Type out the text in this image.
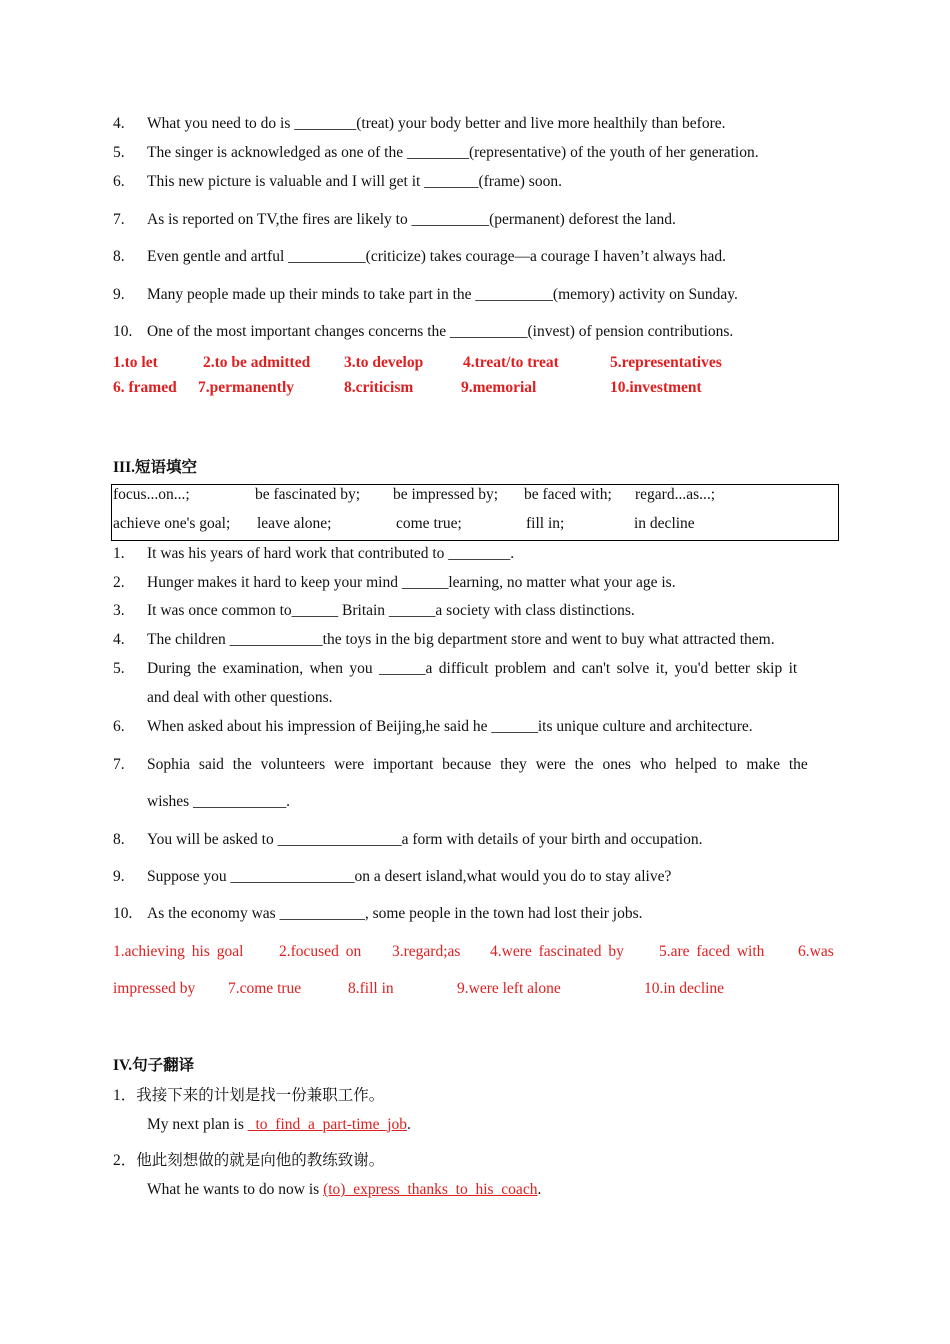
4. What you need to do is ________(treat) your body better and live more healthily than before.
5. The singer is acknowledged as one of the ________(representative) of the youth of her generation.
6. This new picture is valuable and I will get it _______(frame) soon.
7. As is reported on TV,the fires are likely to __________(permanent) deforest the land.
8. Even gentle and artful __________(criticize) takes courage—a courage I haven’t always had.
9. Many people made up their minds to take part in the __________(memory) activity on Sunday.
10. One of the most important changes concerns the __________(invest) of pension contributions.
1.to let	2.to be admitted 3.to develop	4.treat/to treat	5.representatives
6. framed 7.permanently	8.criticism	9.memorial	10.investment
III.短语填空
focus...on...;	be fascinated by; be impressed by; be faced with; regard...as...;
achieve one's goal; leave alone;	come true;	fill in;	in decline
1. It was his years of hard work that contributed to ________.
2. Hunger makes it hard to keep your mind ______learning, no matter what your age is.
3. It was once common to______ Britain ______a society with class distinctions.
4. The children ____________the toys in the big department store and went to buy what attracted them.
5. During the examination, when you ______a difficult problem and can't solve it, you'd better skip it
and deal with other questions.
6. When asked about his impression of Beijing,he said he ______its unique culture and architecture.
7. Sophia said the volunteers were important because they were the ones who helped to make the
wishes ____________.
8. You will be asked to ________________a form with details of your birth and occupation.
9. Suppose you ________________on a desert island,what would you do to stay alive?
10. As the economy was ___________, some people in the town had lost their jobs.
1.achieving his goal 2.focused on 3.regard;as 4.were fascinated by 5.are faced with 6.was
impressed by 7.come true	8.fill in	9.were left alone	10.in decline
IV.句子翻译
1．我接下来的计划是找一份兼职工作。
My next plan is _to_find_a_part-time_job.
2．他此刻想做的就是向他的教练致谢。
What he wants to do now is (to)_express_thanks_to_his_coach.
